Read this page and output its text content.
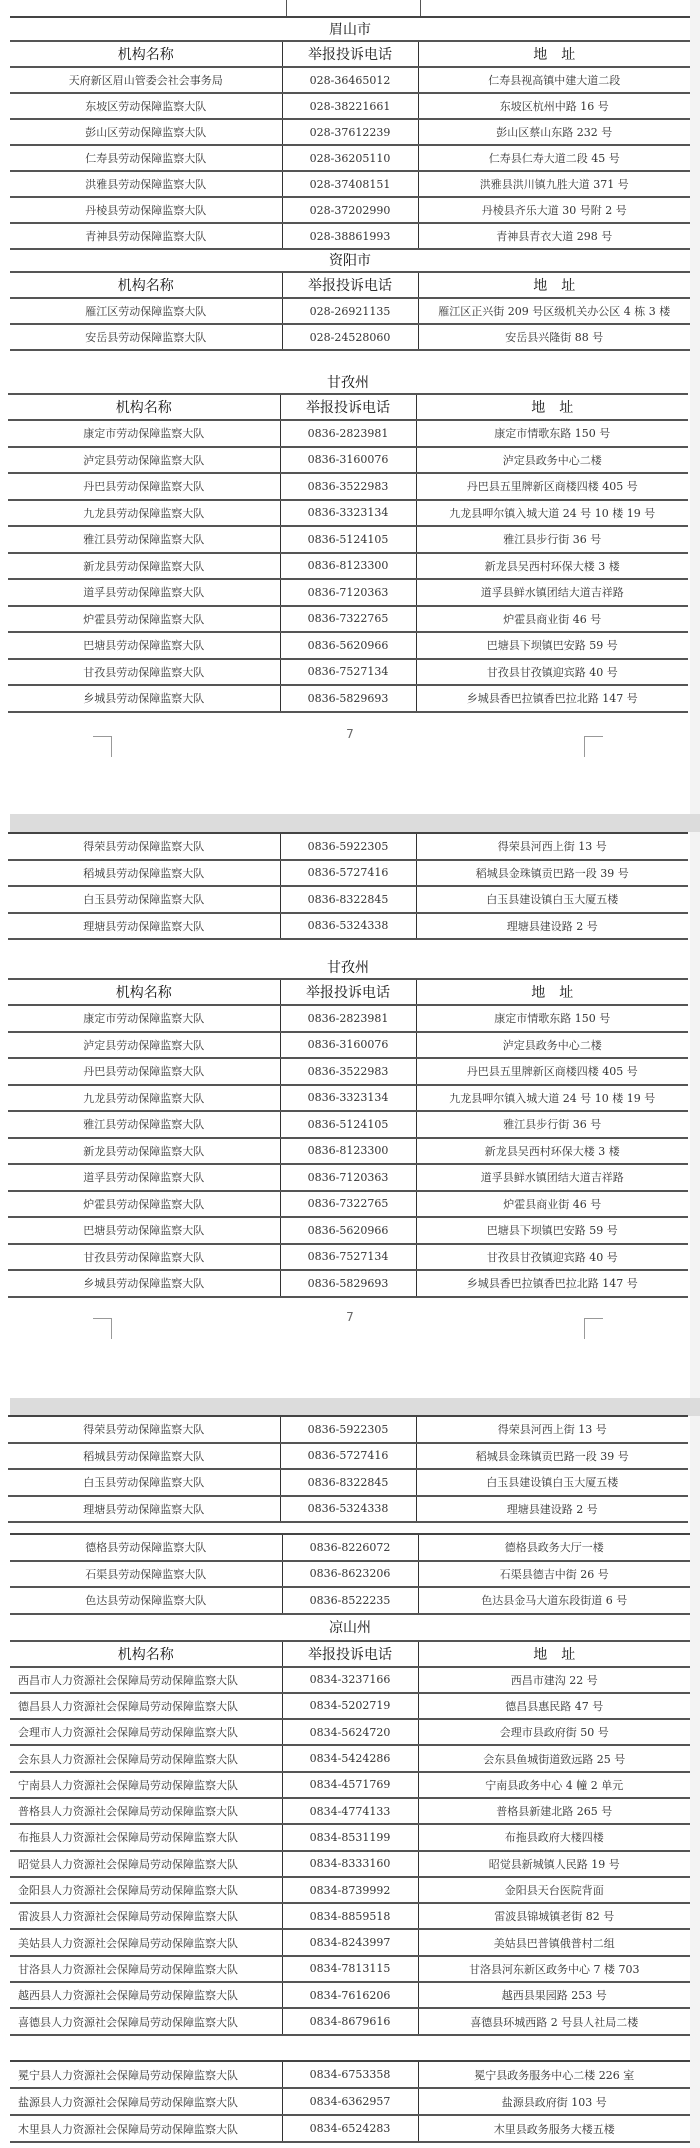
眉山市		
机构名称	举报投诉电话	地　址
天府新区眉山管委会社会事务局	028-36465012	仁寿县视高镇中建大道二段
东坡区劳动保障监察大队	028-38221661	东坡区杭州中路 16 号
彭山区劳动保障监察大队	028-37612239	彭山区蔡山东路 232 号
仁寿县劳动保障监察大队	028-36205110	仁寿县仁寿大道二段 45 号
洪雅县劳动保障监察大队	028-37408151	洪雅县洪川镇九胜大道 371 号
丹棱县劳动保障监察大队	028-37202990	丹棱县齐乐大道 30 号附 2 号
青神县劳动保障监察大队	028-38861993	青神县青衣大道 298 号
资阳市		
机构名称	举报投诉电话	地　址
雁江区劳动保障监察大队	028-26921135	雁江区正兴街 209 号区级机关办公区 4 栋 3 楼
安岳县劳动保障监察大队	028-24528060	安岳县兴隆街 88 号
甘孜州		
机构名称	举报投诉电话	地　址
康定市劳动保障监察大队	0836-2823981	康定市情歌东路 150 号
泸定县劳动保障监察大队	0836-3160076	泸定县政务中心二楼
丹巴县劳动保障监察大队	0836-3522983	丹巴县五里牌新区商楼四楼 405 号
九龙县劳动保障监察大队	0836-3323134	九龙县呷尔镇入城大道 24 号 10 楼 19 号
雅江县劳动保障监察大队	0836-5124105	雅江县步行街 36 号
新龙县劳动保障监察大队	0836-8123300	新龙县吴西村环保大楼 3 楼
道孚县劳动保障监察大队	0836-7120363	道孚县鲜水镇团结大道吉祥路
炉霍县劳动保障监察大队	0836-7322765	炉霍县商业街 46 号
巴塘县劳动保障监察大队	0836-5620966	巴塘县下坝镇巴安路 59 号
甘孜县劳动保障监察大队	0836-7527134	甘孜县甘孜镇迎宾路 40 号
乡城县劳动保障监察大队	0836-5829693	乡城县香巴拉镇香巴拉北路 147 号
7
得荣县劳动保障监察大队	0836-5922305	得荣县河西上街 13 号
稻城县劳动保障监察大队	0836-5727416	稻城县金珠镇贡巴路一段 39 号
白玉县劳动保障监察大队	0836-8322845	白玉县建设镇白玉大厦五楼
理塘县劳动保障监察大队	0836-5324338	理塘县建设路 2 号
甘孜州		
机构名称	举报投诉电话	地　址
康定市劳动保障监察大队	0836-2823981	康定市情歌东路 150 号
泸定县劳动保障监察大队	0836-3160076	泸定县政务中心二楼
丹巴县劳动保障监察大队	0836-3522983	丹巴县五里牌新区商楼四楼 405 号
九龙县劳动保障监察大队	0836-3323134	九龙县呷尔镇入城大道 24 号 10 楼 19 号
雅江县劳动保障监察大队	0836-5124105	雅江县步行街 36 号
新龙县劳动保障监察大队	0836-8123300	新龙县吴西村环保大楼 3 楼
道孚县劳动保障监察大队	0836-7120363	道孚县鲜水镇团结大道吉祥路
炉霍县劳动保障监察大队	0836-7322765	炉霍县商业街 46 号
巴塘县劳动保障监察大队	0836-5620966	巴塘县下坝镇巴安路 59 号
甘孜县劳动保障监察大队	0836-7527134	甘孜县甘孜镇迎宾路 40 号
乡城县劳动保障监察大队	0836-5829693	乡城县香巴拉镇香巴拉北路 147 号
7
得荣县劳动保障监察大队	0836-5922305	得荣县河西上街 13 号
稻城县劳动保障监察大队	0836-5727416	稻城县金珠镇贡巴路一段 39 号
白玉县劳动保障监察大队	0836-8322845	白玉县建设镇白玉大厦五楼
理塘县劳动保障监察大队	0836-5324338	理塘县建设路 2 号
德格县劳动保障监察大队	0836-8226072	德格县政务大厅一楼
石渠县劳动保障监察大队	0836-8623206	石渠县德吉中街 26 号
色达县劳动保障监察大队	0836-8522235	色达县金马大道东段街道 6 号
凉山州		
机构名称	举报投诉电话	地　址
西昌市人力资源社会保障局劳动保障监察大队	0834-3237166	西昌市建沟 22 号
德昌县人力资源社会保障局劳动保障监察大队	0834-5202719	德昌县惠民路 47 号
会理市人力资源社会保障局劳动保障监察大队	0834-5624720	会理市县政府街 50 号
会东县人力资源社会保障局劳动保障监察大队	0834-5424286	会东县鱼城街道致远路 25 号
宁南县人力资源社会保障局劳动保障监察大队	0834-4571769	宁南县政务中心 4 幢 2 单元
普格县人力资源社会保障局劳动保障监察大队	0834-4774133	普格县新建北路 265 号
布拖县人力资源社会保障局劳动保障监察大队	0834-8531199	布拖县政府大楼四楼
昭觉县人力资源社会保障局劳动保障监察大队	0834-8333160	昭觉县新城镇人民路 19 号
金阳县人力资源社会保障局劳动保障监察大队	0834-8739992	金阳县天台医院背面
雷波县人力资源社会保障局劳动保障监察大队	0834-8859518	雷波县锦城镇老街 82 号
美姑县人力资源社会保障局劳动保障监察大队	0834-8243997	美姑县巴普镇俄普村二组
甘洛县人力资源社会保障局劳动保障监察大队	0834-7813115	甘洛县河东新区政务中心 7 楼 703
越西县人力资源社会保障局劳动保障监察大队	0834-7616206	越西县果园路 253 号
喜德县人力资源社会保障局劳动保障监察大队	0834-8679616	喜德县环城西路 2 号县人社局二楼
冕宁县人力资源社会保障局劳动保障监察大队	0834-6753358	冕宁县政务服务中心二楼 226 室
盐源县人力资源社会保障局劳动保障监察大队	0834-6362957	盐源县政府街 103 号
木里县人力资源社会保障局劳动保障监察大队	0834-6524283	木里县政务服务大楼五楼
